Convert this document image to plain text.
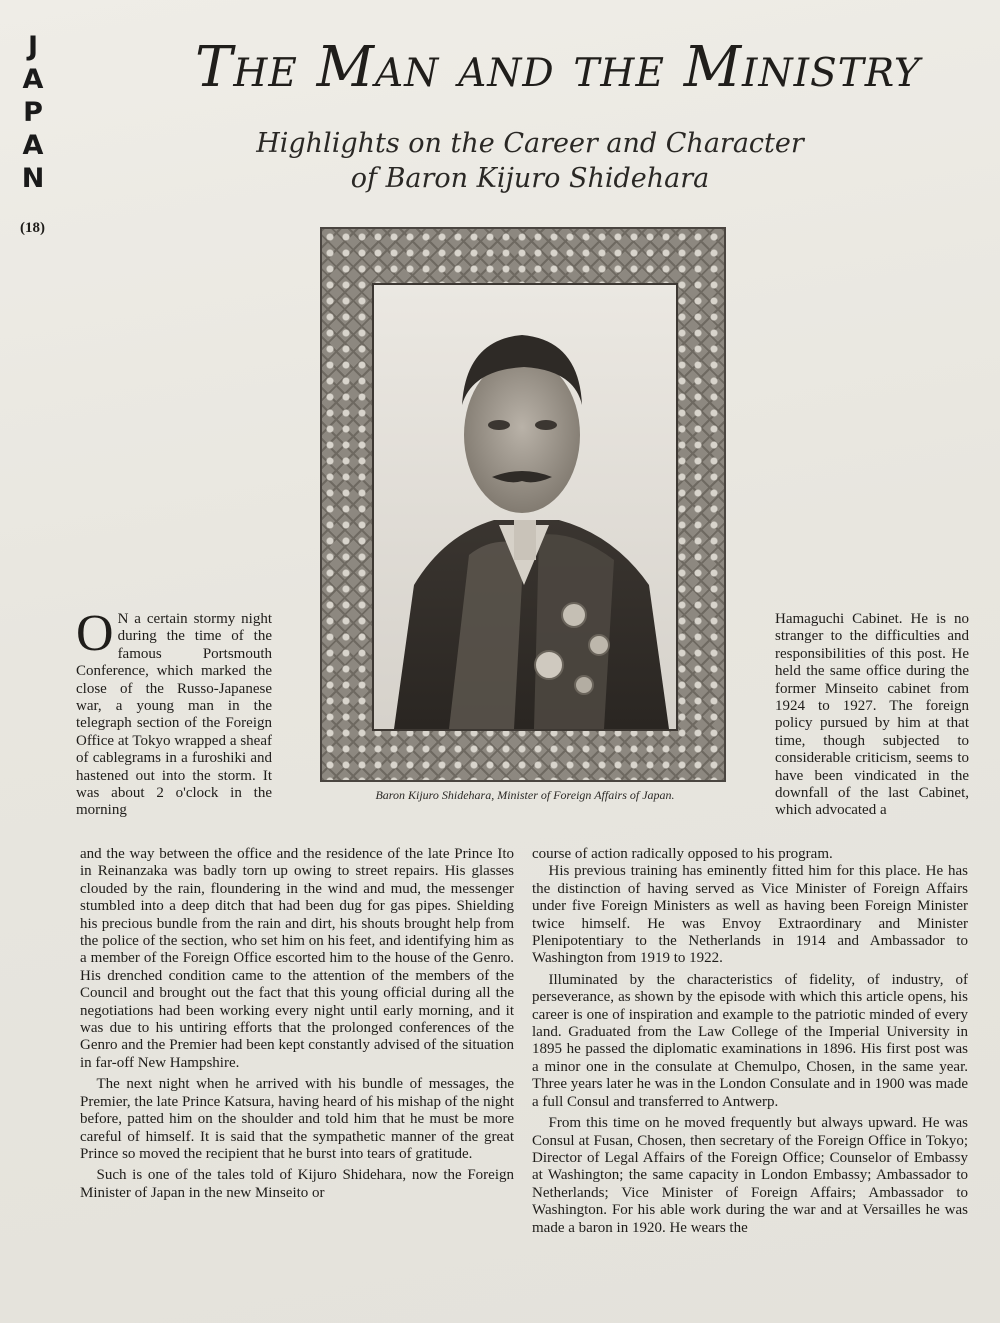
J
A
P
A
N
(18)
The Man and the Ministry
Highlights on the Career and Character
of Baron Kijuro Shidehara
Baron Kijuro Shidehara, Minister of Foreign Affairs of Japan.
O N a certain stormy night during the time of the famous Portsmouth Conference, which marked the close of the Russo-Japanese war, a young man in the telegraph section of the Foreign Office at Tokyo wrapped a sheaf of cablegrams in a furoshiki and hastened out into the storm. It was about 2 o'clock in the morning

and the way between the office and the residence of the late Prince Ito in Reinanzaka was badly torn up owing to street repairs. His glasses clouded by the rain, floundering in the wind and mud, the messenger stumbled into a deep ditch that had been dug for gas pipes. Shielding his precious bundle from the rain and dirt, his shouts brought help from the police of the section, who set him on his feet, and identifying him as a member of the Foreign Office escorted him to the house of the Genro. His drenched condition came to the attention of the members of the Council and brought out the fact that this young official during all the negotiations had been working every night until early morning, and it was due to his untiring efforts that the prolonged conferences of the Genro and the Premier had been kept constantly advised of the situation in far-off New Hampshire.

The next night when he arrived with his bundle of messages, the Premier, the late Prince Katsura, having heard of his mishap of the night before, patted him on the shoulder and told him that he must be more careful of himself. It is said that the sympathetic manner of the great Prince so moved the recipient that he burst into tears of gratitude.

Such is one of the tales told of Kijuro Shidehara, now the Foreign Minister of Japan in the new Minseito or

Hamaguchi Cabinet. He is no stranger to the difficulties and responsibilities of this post. He held the same office during the former Minseito cabinet from 1924 to 1927. The foreign policy pursued by him at that time, though subjected to considerable criticism, seems to have been vindicated in the downfall of the last Cabinet, which advocated a

course of action radically opposed to his program.

His previous training has eminently fitted him for this place. He has the distinction of having served as Vice Minister of Foreign Affairs under five Foreign Ministers as well as having been Foreign Minister twice himself. He was Envoy Extraordinary and Minister Plenipotentiary to the Netherlands in 1914 and Ambassador to Washington from 1919 to 1922.

Illuminated by the characteristics of fidelity, of industry, of perseverance, as shown by the episode with which this article opens, his career is one of inspiration and example to the patriotic minded of every land. Graduated from the Law College of the Imperial University in 1895 he passed the diplomatic examinations in 1896. His first post was a minor one in the consulate at Chemulpo, Chosen, in the same year. Three years later he was in the London Consulate and in 1900 was made a full Consul and transferred to Antwerp.

From this time on he moved frequently but always upward. He was Consul at Fusan, Chosen, then secretary of the Foreign Office in Tokyo; Director of Legal Affairs of the Foreign Office; Counselor of Embassy at Washington; the same capacity in London Embassy; Ambassador to Netherlands; Vice Minister of Foreign Affairs; Ambassador to Washington. For his able work during the war and at Versailles he was made a baron in 1920. He wears the
